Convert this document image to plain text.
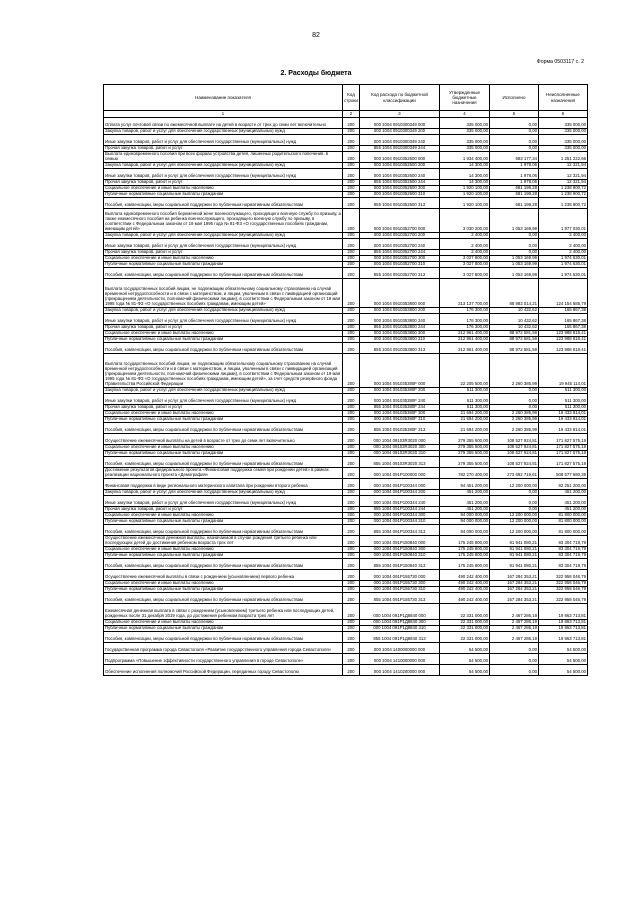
82
Форма 0503117 с. 2
2. Расходы бюджета
Наименование показателя	Код строки	Код расхода по бюджетной классификации	Утвержденные бюджетные назначения	Исполнено	Неисполненные назначения
1	2	3	4	5	6
Оплата услуг почтовой связи по ежемесячной выплате на детей в возрасте от трех до семи лет включительно	200	000 1004 0910300349 000	335 000,00	0,00	335 000,00
Закупка товаров, работ и услуг для обеспечения государственных (муниципальных) нужд	200	000 1004 0910300349 200	335 000,00	0,00	335 000,00
Иные закупки товаров, работ и услуг для обеспечения государственных (муниципальных) нужд	200	000 1004 0910300349 240	335 000,00	0,00	335 000,00
Прочая закупка товаров, работ и услуг	200	855 1004 0910300349 244	335 000,00	0,00	335 000,00
Выплата единовременного пособия при всех формах устройства детей, лишенных родительского попечения, в семью	200	000 1004 0910352600 000	1 934 400,00	683 177,34	1 251 222,66
Закупка товаров, работ и услуг для обеспечения государственных (муниципальных) нужд	200	000 1004 0910352600 200	14 300,00	1 978,06	12 321,94
Иные закупки товаров, работ и услуг для обеспечения государственных (муниципальных) нужд	200	000 1004 0910352600 240	14 300,00	1 978,06	12 321,94
Прочая закупка товаров, работ и услуг	200	855 1004 0910352600 244	14 300,00	1 978,06	12 321,94
Социальное обеспечение и иные выплаты населению	200	000 1004 0910352600 300	1 920 100,00	681 199,28	1 238 900,72
Публичные нормативные социальные выплаты гражданам	200	000 1004 0910352600 310	1 920 100,00	681 199,28	1 238 900,72
Пособия, компенсации, меры социальной поддержки по публичным нормативным обязательствам	200	855 1004 0910352600 313	1 920 100,00	681 199,28	1 238 900,72
Выплата единовременного пособия беременной жене военнослужащего, проходящего военную службу по призыву, а также ежемесячного пособия на ребенка военнослужащего, проходящего военную службу по призыву, в соответствии с Федеральным законом от 19 мая 1995 года № 81-ФЗ «О государственных пособиях гражданам, имеющим детей»	200	000 1004 0910352700 000	3 030 200,00	1 053 169,99	1 977 030,01
Закупка товаров, работ и услуг для обеспечения государственных (муниципальных) нужд	200	000 1004 0910352700 200	2 400,00	0,00	2 400,00
Иные закупки товаров, работ и услуг для обеспечения государственных (муниципальных) нужд	200	000 1004 0910352700 240	2 400,00	0,00	2 400,00
Прочая закупка товаров, работ и услуг	200	855 1004 0910352700 244	2 400,00	0,00	2 400,00
Социальное обеспечение и иные выплаты населению	200	000 1004 0910352700 300	3 027 800,00	1 053 169,99	1 974 630,01
Публичные нормативные социальные выплаты гражданам	200	000 1004 0910352700 310	3 027 800,00	1 053 169,99	1 974 630,01
Пособия, компенсации, меры социальной поддержки по публичным нормативным обязательствам	200	855 1004 0910352700 313	3 027 800,00	1 053 169,99	1 974 630,01
Выплата государственных пособий лицам, не подлежащим обязательному социальному страхованию на случай временной нетрудоспособности и в связи с материнством, и лицам, уволенным в связи с ликвидацией организаций (прекращением деятельности, полномочий физическими лицами), в соответствии с Федеральным законом от 19 мая 1995 года № 81-ФЗ «О государственных пособиях гражданам, имеющим детей»	200	000 1004 0910353800 000	213 137 700,00	88 983 014,21	124 154 685,79
Закупка товаров, работ и услуг для обеспечения государственных (муниципальных) нужд	200	000 1004 0910353800 200	176 300,00	10 432,62	165 867,38
Иные закупки товаров, работ и услуг для обеспечения государственных (муниципальных) нужд	200	000 1004 0910353800 240	176 300,00	10 432,62	165 867,38
Прочая закупка товаров, работ и услуг	200	855 1004 0910353800 244	176 300,00	10 432,62	165 867,38
Социальное обеспечение и иные выплаты населению	200	000 1004 0910353800 300	212 961 400,00	88 972 581,59	123 988 818,41
Публичные нормативные социальные выплаты гражданам	200	000 1004 0910353800 310	212 961 400,00	88 972 581,59	123 988 818,41
Пособия, компенсации, меры социальной поддержки по публичным нормативным обязательствам	200	855 1004 0910353800 313	212 961 400,00	88 972 581,59	123 988 818,41
Выплата государственных пособий лицам, не подлежащим обязательному социальному страхованию на случай временной нетрудоспособности и в связи с материнством, и лицам, уволенным в связи с ликвидацией организаций (прекращением деятельности, полномочий физическими лицами), в соответствии с Федеральным законом от 19 мая 1995 года № 81-ФЗ «О государственных пособиях гражданам, имеющим детей», за счет средств резервного фонда Правительства Российской Федерации	200	000 1004 091035380F 000	22 205 500,00	2 260 385,99	19 945 114,01
Закупка товаров, работ и услуг для обеспечения государственных (муниципальных) нужд	200	000 1004 091035380F 200	511 300,00	0,00	511 300,00
Иные закупки товаров, работ и услуг для обеспечения государственных (муниципальных) нужд	200	000 1004 091035380F 240	511 300,00	0,00	511 300,00
Прочая закупка товаров, работ и услуг	200	855 1004 091035380F 244	511 300,00	0,00	511 300,00
Социальное обеспечение и иные выплаты населению	200	000 1004 091035380F 300	21 694 200,00	2 260 385,99	19 433 814,01
Публичные нормативные социальные выплаты гражданам	200	000 1004 091035380F 310	21 694 200,00	2 260 385,99	19 433 814,01
Пособия, компенсации, меры социальной поддержки по публичным нормативным обязательствам	200	855 1004 091035380F 313	21 694 200,00	2 260 385,99	19 433 814,01
Осуществление ежемесячной выплаты на детей в возрасте от трех до семи лет включительно	200	000 1004 09103R3020 000	279 355 500,00	108 527 924,81	171 827 575,19
Социальное обеспечение и иные выплаты населению	200	000 1004 09103R3020 300	279 355 500,00	108 527 924,81	171 827 575,19
Публичные нормативные социальные выплаты гражданам	200	000 1004 09103R3020 310	279 355 500,00	108 527 924,81	171 827 575,19
Пособия, компенсации, меры социальной поддержки по публичным нормативным обязательствам	200	855 1004 09103R3020 313	279 355 500,00	108 527 924,81	171 827 575,19
Достижение результатов федерального проекта «Финансовая поддержка семей при рождении детей» в рамках реализации национального проекта «Демография»	200	000 1004 091P100000 000	782 270 400,00	273 692 719,61	508 577 680,39
Финансовая поддержка в виде регионального материнского капитала при рождении второго ребенка	200	000 1004 091P100344 000	94 451 200,00	12 200 000,00	82 251 200,00
Закупка товаров, работ и услуг для обеспечения государственных (муниципальных) нужд	200	000 1004 091P100344 200	451 200,00	0,00	451 200,00
Иные закупки товаров, работ и услуг для обеспечения государственных (муниципальных) нужд	200	000 1004 091P100344 240	451 200,00	0,00	451 200,00
Прочая закупка товаров, работ и услуг	200	855 1004 091P100344 244	451 200,00	0,00	451 200,00
Социальное обеспечение и иные выплаты населению	200	000 1004 091P100344 300	94 000 000,00	12 200 000,00	81 800 000,00
Публичные нормативные социальные выплаты гражданам	200	000 1004 091P100344 310	94 000 000,00	12 200 000,00	81 800 000,00
Пособия, компенсации, меры социальной поддержки по публичным нормативным обязательствам	200	855 1004 091P100344 313	94 000 000,00	12 200 000,00	81 800 000,00
Осуществление ежемесячной денежной выплаты, назначаемой в случае рождения третьего ребенка или последующих детей до достижения ребенком возраста трех лет	200	000 1004 091P150840 000	175 245 800,00	91 941 080,21	83 304 719,79
Социальное обеспечение и иные выплаты населению	200	000 1004 091P150840 300	175 245 800,00	91 941 080,21	83 304 719,79
Публичные нормативные социальные выплаты гражданам	200	000 1004 091P150840 310	175 245 800,00	91 941 080,21	83 304 719,79
Пособия, компенсации, меры социальной поддержки по публичным нормативным обязательствам	200	855 1004 091P150840 313	175 245 800,00	91 941 080,21	83 304 719,79
Осуществление ежемесячной выплаты в связи с рождением (усыновлением) первого ребенка	200	000 1004 091P155730 000	490 242 400,00	167 284 353,21	322 958 046,79
Социальное обеспечение и иные выплаты населению	200	000 1004 091P155730 300	490 242 400,00	167 284 353,21	322 958 046,79
Публичные нормативные социальные выплаты гражданам	200	000 1004 091P155730 310	490 242 400,00	167 284 353,21	322 958 046,79
Пособия, компенсации, меры социальной поддержки по публичным нормативным обязательствам	200	855 1004 091P155730 313	490 242 400,00	167 284 353,21	322 958 046,79
Ежемесячная денежная выплата в связи с рождением (усыновлением) третьего ребенка или последующих детей, рожденных после 31 декабря 2019 года, до достижения ребенком возраста трех лет	200	000 1004 091P1Д8840 000	22 331 000,00	2 467 286,19	19 863 713,81
Социальное обеспечение и иные выплаты населению	200	000 1004 091P1Д8840 300	22 331 000,00	2 467 286,19	19 863 713,81
Публичные нормативные социальные выплаты гражданам	200	000 1004 091P1Д8840 310	22 331 000,00	2 467 286,19	19 863 713,81
Пособия, компенсации, меры социальной поддержки по публичным нормативным обязательствам	200	855 1004 091P1Д8840 313	22 331 000,00	2 467 286,19	19 863 713,81
Государственная программа города Севастополя «Развитие государственного управления города Севастополя»	200	000 1004 1400000000 000	54 500,00	0,00	54 500,00
Подпрограмма «Повышение эффективности государственного управления в городе Севастополе»	200	000 1004 1410000000 000	54 500,00	0,00	54 500,00
Обеспечение исполнения полномочий Российской Федерации, переданных городу Севастополю	200	000 1004 1410200000 000	54 500,00	0,00	54 500,00
